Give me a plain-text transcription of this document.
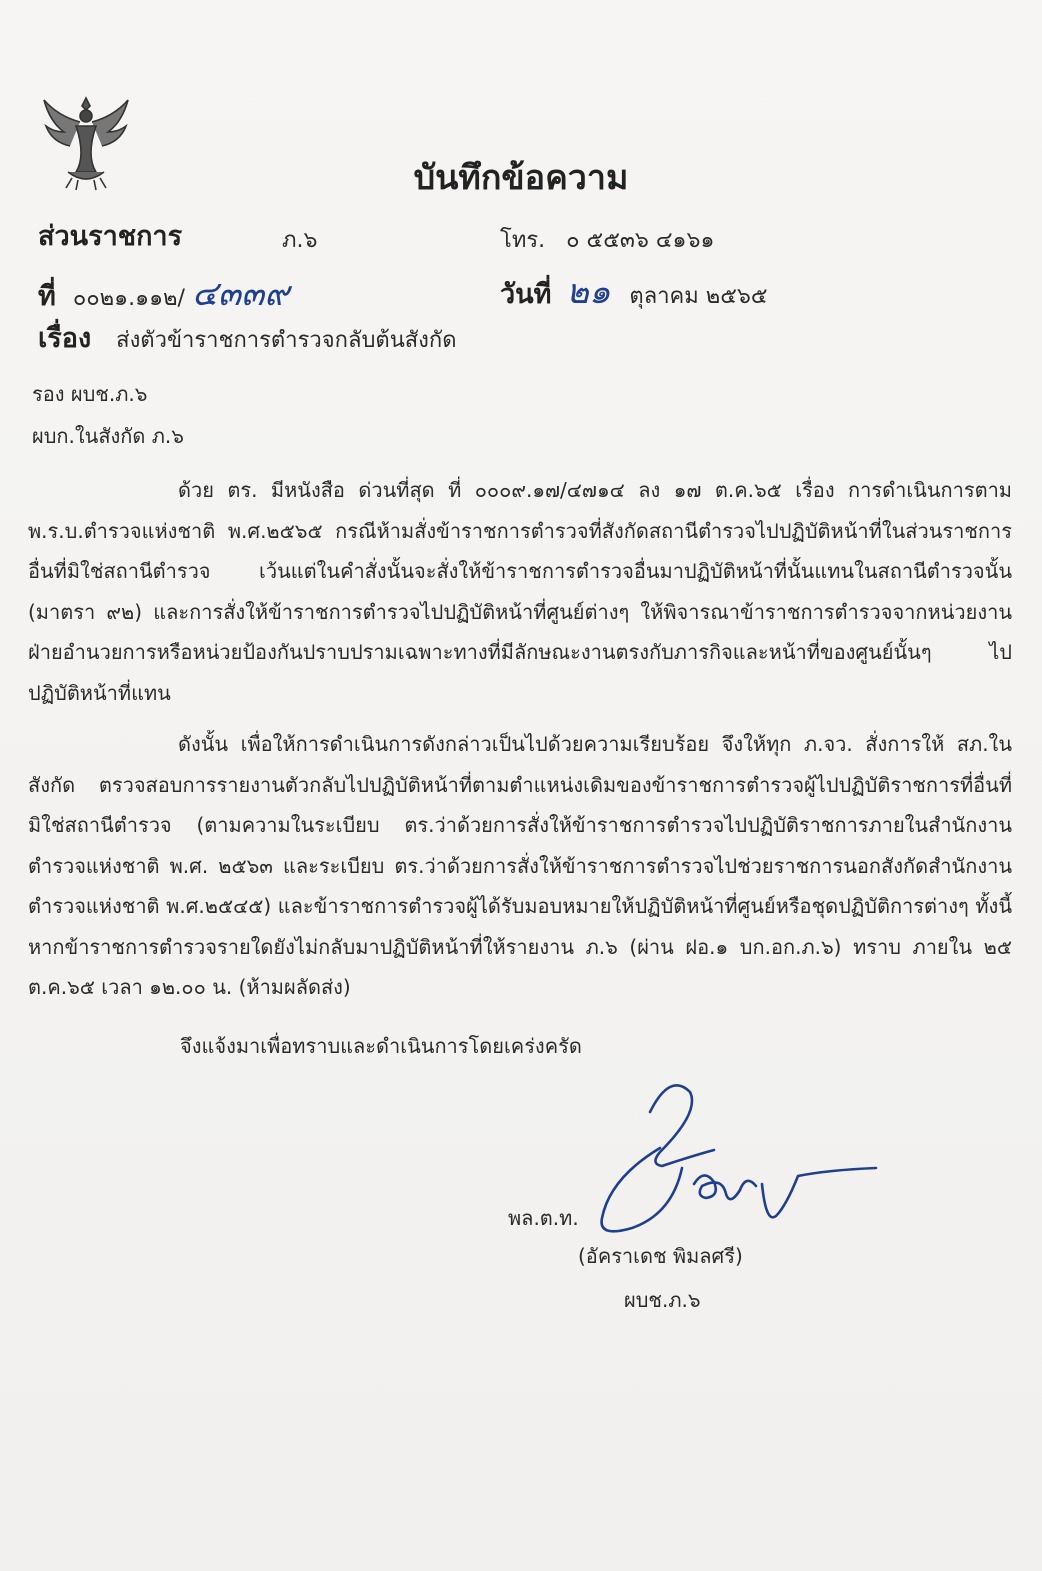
บันทึกข้อความ
ส่วนราชการ	ภ.๖	โทร. ๐ ๕๕๓๖ ๔๑๖๑
ที่ ๐๐๒๑.๑๑๒/ ๔๓๓๙	วันที่ ๒๑ ตุลาคม ๒๕๖๕
เรื่อง ส่งตัวข้าราชการตำรวจกลับต้นสังกัด
รอง ผบช.ภ.๖
ผบก.ในสังกัด ภ.๖

ด้วย ตร. มีหนังสือ ด่วนที่สุด ที่ ๐๐๐๙.๑๗/๔๗๑๔ ลง ๑๗ ต.ค.๖๕ เรื่อง การดำเนินการตาม พ.ร.บ.ตำรวจแห่งชาติ พ.ศ.๒๕๖๕ กรณีห้ามสั่งข้าราชการตำรวจที่สังกัดสถานีตำรวจไปปฏิบัติหน้าที่ในส่วนราชการอื่นที่มิใช่สถานีตำรวจ เว้นแต่ในคำสั่งนั้นจะสั่งให้ข้าราชการตำรวจอื่นมาปฏิบัติหน้าที่นั้นแทนในสถานีตำรวจนั้น (มาตรา ๙๒) และการสั่งให้ข้าราชการตำรวจไปปฏิบัติหน้าที่ศูนย์ต่างๆ ให้พิจารณาข้าราชการตำรวจจากหน่วยงานฝ่ายอำนวยการหรือหน่วยป้องกันปราบปรามเฉพาะทางที่มีลักษณะงานตรงกับภารกิจและหน้าที่ของศูนย์นั้นๆ ไปปฏิบัติหน้าที่แทน

ดังนั้น เพื่อให้การดำเนินการดังกล่าวเป็นไปด้วยความเรียบร้อย จึงให้ทุก ภ.จว. สั่งการให้ สภ.ในสังกัด ตรวจสอบการรายงานตัวกลับไปปฏิบัติหน้าที่ตามตำแหน่งเดิมของข้าราชการตำรวจผู้ไปปฏิบัติราชการที่อื่นที่มิใช่สถานีตำรวจ (ตามความในระเบียบ ตร.ว่าด้วยการสั่งให้ข้าราชการตำรวจไปปฏิบัติราชการภายในสำนักงานตำรวจแห่งชาติ พ.ศ. ๒๕๖๓ และระเบียบ ตร.ว่าด้วยการสั่งให้ข้าราชการตำรวจไปช่วยราชการนอกสังกัดสำนักงานตำรวจแห่งชาติ พ.ศ.๒๕๔๕) และข้าราชการตำรวจผู้ได้รับมอบหมายให้ปฏิบัติหน้าที่ศูนย์หรือชุดปฏิบัติการต่างๆ ทั้งนี้หากข้าราชการตำรวจรายใดยังไม่กลับมาปฏิบัติหน้าที่ให้รายงาน ภ.๖ (ผ่าน ฝอ.๑ บก.อก.ภ.๖) ทราบ ภายใน ๒๕ ต.ค.๖๕ เวลา ๑๒.๐๐ น. (ห้ามผลัดส่ง)

จึงแจ้งมาเพื่อทราบและดำเนินการโดยเคร่งครัด
พล.ต.ท.
(อัคราเดช พิมลศรี)
ผบช.ภ.๖
